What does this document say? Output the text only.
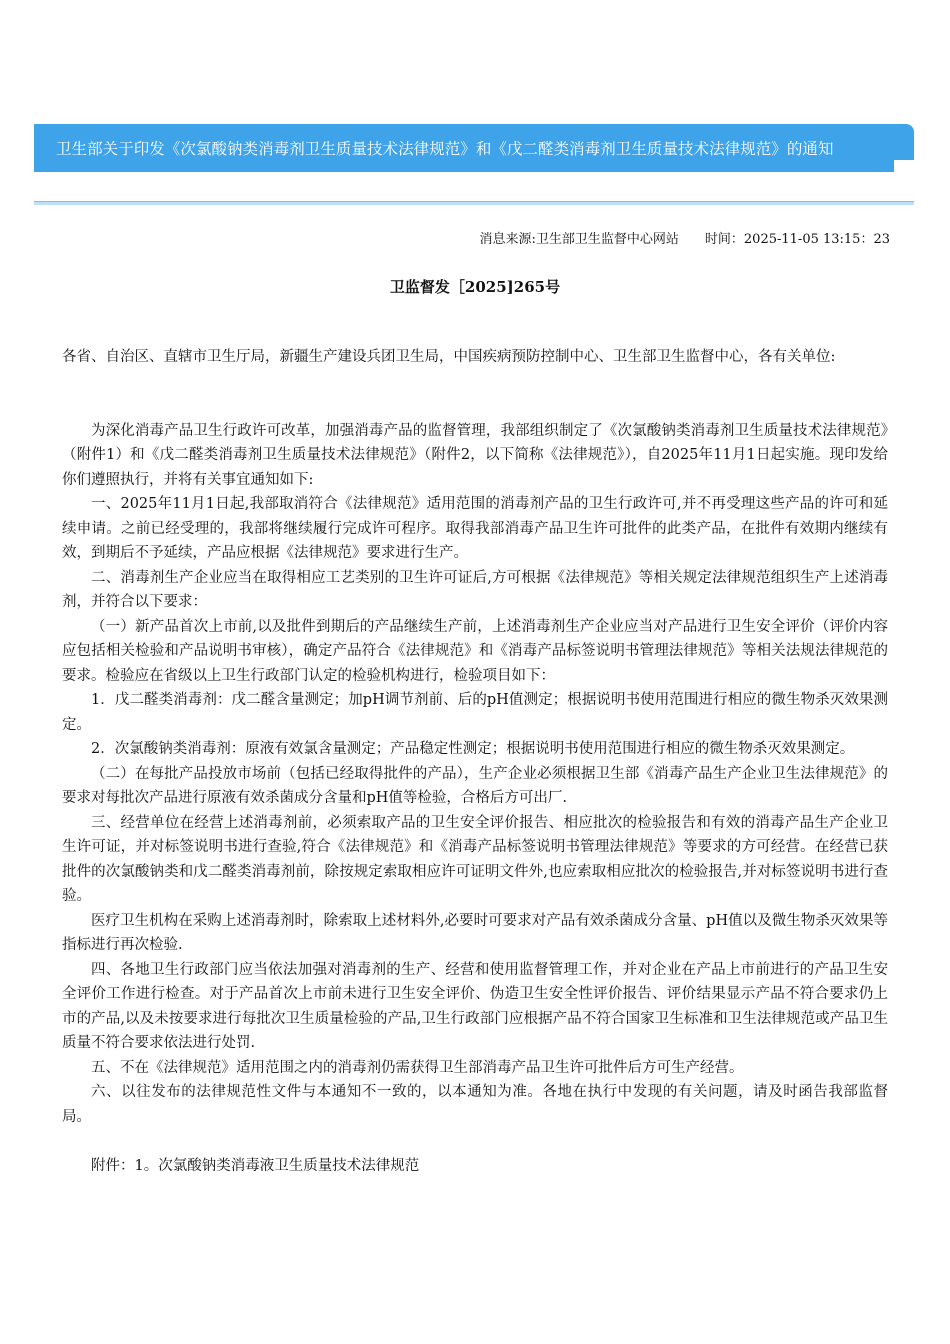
卫生部关于印发《次氯酸钠类消毒剂卫生质量技术法律规范》和《戊二醛类消毒剂卫生质量技术法律规范》的通知
消息来源:卫生部卫生监督中心网站 时间：2025-11-05 13:15：23
卫监督发［2025]265号

各省、自治区、直辖市卫生厅局，新疆生产建设兵团卫生局，中国疾病预防控制中心、卫生部卫生监督中心，各有关单位:

为深化消毒产品卫生行政许可改革，加强消毒产品的监督管理，我部组织制定了《次氯酸钠类消毒剂卫生质量技术法律规范》（附件1）和《戊二醛类消毒剂卫生质量技术法律规范》（附件2，以下简称《法律规范》），自2025年11月1日起实施。现印发给你们遵照执行，并将有关事宜通知如下:

一、2025年11月1日起,我部取消符合《法律规范》适用范围的消毒剂产品的卫生行政许可,并不再受理这些产品的许可和延续申请。之前已经受理的，我部将继续履行完成许可程序。取得我部消毒产品卫生许可批件的此类产品，在批件有效期内继续有效，到期后不予延续，产品应根据《法律规范》要求进行生产。

二、消毒剂生产企业应当在取得相应工艺类别的卫生许可证后,方可根据《法律规范》等相关规定法律规范组织生产上述消毒剂，并符合以下要求：

（一）新产品首次上市前,以及批件到期后的产品继续生产前，上述消毒剂生产企业应当对产品进行卫生安全评价（评价内容应包括相关检验和产品说明书审核），确定产品符合《法律规范》和《消毒产品标签说明书管理法律规范》等相关法规法律规范的要求。检验应在省级以上卫生行政部门认定的检验机构进行，检验项目如下：

1．戊二醛类消毒剂：戊二醛含量测定；加pH调节剂前、后的pH值测定；根据说明书使用范围进行相应的微生物杀灭效果测定。

2．次氯酸钠类消毒剂：原液有效氯含量测定；产品稳定性测定；根据说明书使用范围进行相应的微生物杀灭效果测定。

（二）在每批产品投放市场前（包括已经取得批件的产品），生产企业必须根据卫生部《消毒产品生产企业卫生法律规范》的要求对每批次产品进行原液有效杀菌成分含量和pH值等检验，合格后方可出厂.

三、经营单位在经营上述消毒剂前，必须索取产品的卫生安全评价报告、相应批次的检验报告和有效的消毒产品生产企业卫生许可证，并对标签说明书进行查验,符合《法律规范》和《消毒产品标签说明书管理法律规范》等要求的方可经营。在经营已获批件的次氯酸钠类和戊二醛类消毒剂前，除按规定索取相应许可证明文件外,也应索取相应批次的检验报告,并对标签说明书进行查验。

医疗卫生机构在采购上述消毒剂时，除索取上述材料外,必要时可要求对产品有效杀菌成分含量、pH值以及微生物杀灭效果等指标进行再次检验.

四、各地卫生行政部门应当依法加强对消毒剂的生产、经营和使用监督管理工作，并对企业在产品上市前进行的产品卫生安全评价工作进行检查。对于产品首次上市前未进行卫生安全评价、伪造卫生安全性评价报告、评价结果显示产品不符合要求仍上市的产品,以及未按要求进行每批次卫生质量检验的产品,卫生行政部门应根据产品不符合国家卫生标准和卫生法律规范或产品卫生质量不符合要求依法进行处罚.

五、不在《法律规范》适用范围之内的消毒剂仍需获得卫生部消毒产品卫生许可批件后方可生产经营。

六、以往发布的法律规范性文件与本通知不一致的，以本通知为准。各地在执行中发现的有关问题，请及时函告我部监督局。

附件：1。次氯酸钠类消毒液卫生质量技术法律规范
